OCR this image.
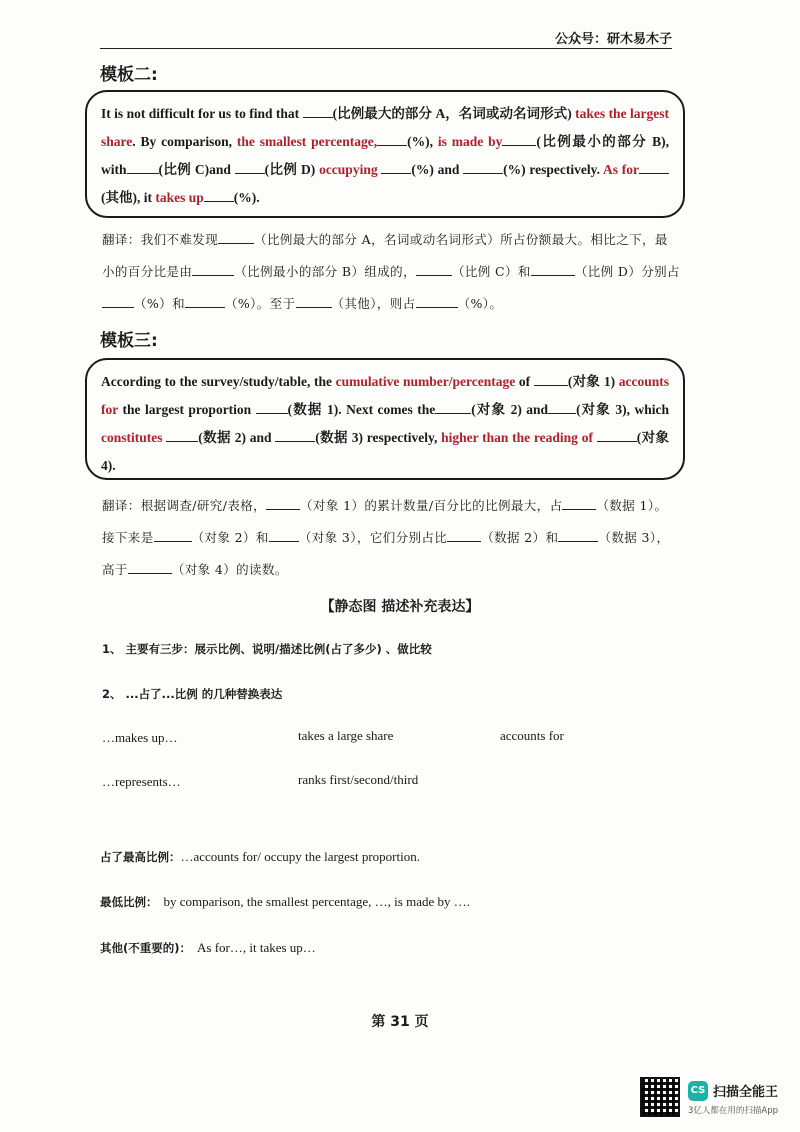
公众号：研木易木子
模板二:

It is not difficult for us to find that (比例最大的部分 A，名词或动名词形式) takes the largest share. By comparison, the smallest percentage, (%), is made by	(比例最小的部分 B), with (比例 C)and (比例 D) occupying	(%) and	(%) respectively. As for(其他), it takes up (%).

翻译：我们不难发现	（比例最大的部分 A，名词或动名词形式）所占份额最大。相比之下，最小的百分比是由	（比例最小的部分 B）组成的，	（比例 C）和	（比例 D）分别占（%）和	（%）。至于	（其他），则占	（%）。

模板三:

According to the survey/study/table, the cumulative number/percentage of	(对象 1) accounts for the largest proportion (数据 1). Next comes the	(对象 2) and (对象 3), which constitutes	(数据 2) and	(数据 3) respectively, higher than the reading of	(对象 4).

翻译：根据调查/研究/表格，	（对象 1）的累计数量/百分比的比例最大，占	（数据 1）。接下来是	（对象 2）和 （对象 3），它们分别占比	（数据 2）和	（数据 3），高于	（对象 4）的读数。

【静态图 描述补充表达】
1、 主要有三步：展示比例、说明/描述比例(占了多少) 、做比较
2、 ...占了...比例 的几种替换表达
…makes up…	takes a large share	accounts for
…represents…	ranks first/second/third
占了最高比例：…accounts for/ occupy the largest proportion.
最低比例： by comparison, the smallest percentage, …, is made by ….
其他(不重要的)： As for…, it takes up…
第 31 页
CS 扫描全能王
3亿人都在用的扫描App
